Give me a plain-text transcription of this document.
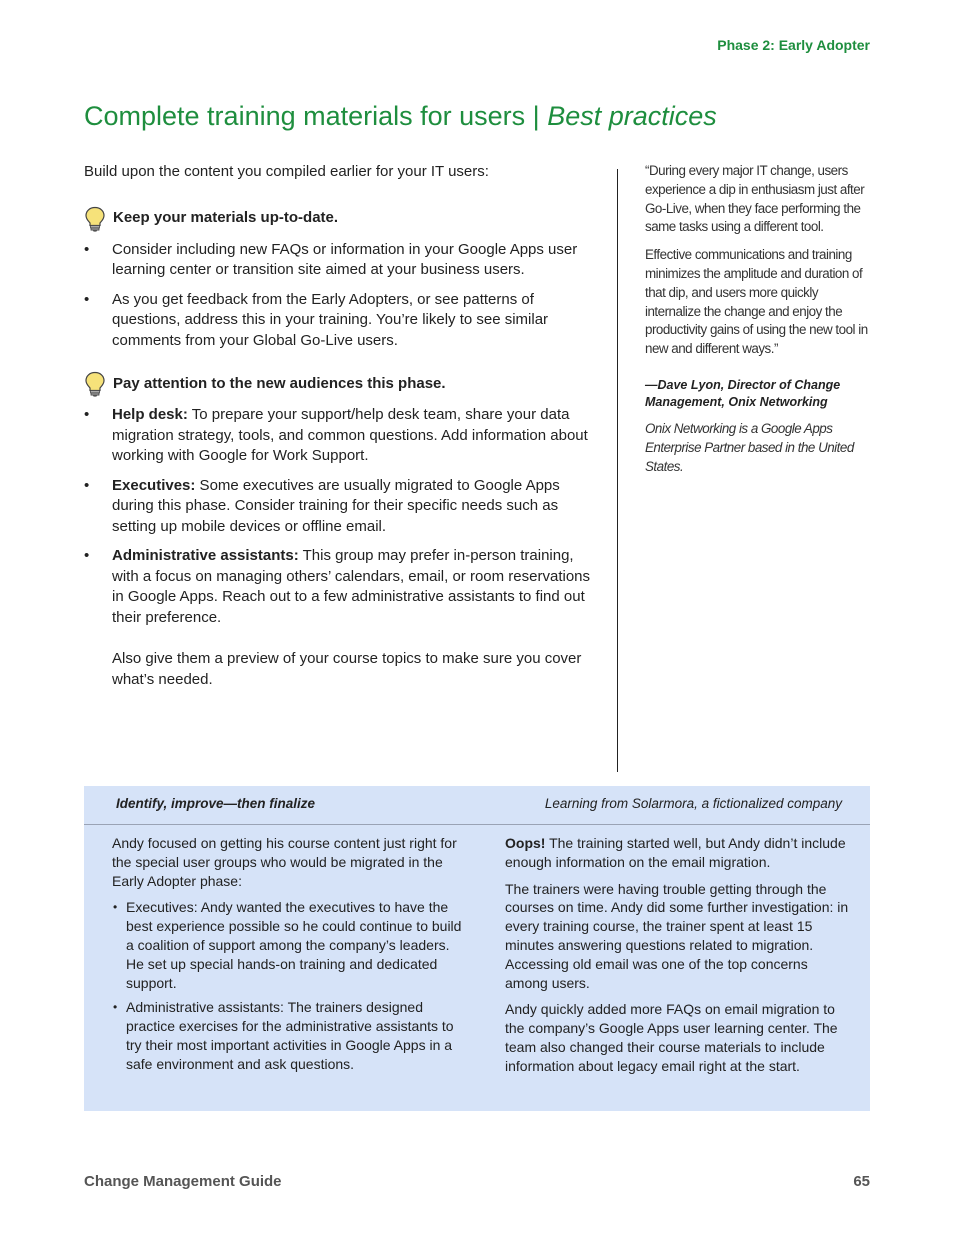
Phase 2: Early Adopter
Complete training materials for users | Best practices

Build upon the content you compiled earlier for your IT users:

Keep your materials up-to-date.
• Consider including new FAQs or information in your Google Apps user learning center or transition site aimed at your business users.
• As you get feedback from the Early Adopters, or see patterns of questions, address this in your training. You’re likely to see similar comments from your Global Go-Live users.
Pay attention to the new audiences this phase.
• Help desk: To prepare your support/help desk team, share your data migration strategy, tools, and common questions. Add information about working with Google for Work Support.
• Executives: Some executives are usually migrated to Google Apps during this phase. Consider training for their specific needs such as setting up mobile devices or offline email.
• Administrative assistants: This group may prefer in-person training, with a focus on managing others’ calendars, email, or room reservations in Google Apps. Reach out to a few administrative assistants to find out their preference.

Also give them a preview of your course topics to make sure you cover what’s needed.

“During every major IT change, users experience a dip in enthusiasm just after Go-Live, when they face performing the same tasks using a different tool.

Effective communications and training minimizes the amplitude and duration of that dip, and users more quickly internalize the change and enjoy the productivity gains of using the new tool in new and different ways.”

—Dave Lyon, Director of Change Management, Onix Networking

Onix Networking is a Google Apps Enterprise Partner based in the United States.

Identify, improve—then finalize	Learning from Solarmora, a fictionalized company

Andy focused on getting his course content just right for the special user groups who would be migrated in the Early Adopter phase:

• Executives: Andy wanted the executives to have the best experience possible so he could continue to build a coalition of support among the company’s leaders. He set up special hands-on training and dedicated support.
• Administrative assistants: The trainers designed practice exercises for the administrative assistants to try their most important activities in Google Apps in a safe environment and ask questions.

Oops! The training started well, but Andy didn’t include enough information on the email migration.

The trainers were having trouble getting through the courses on time. Andy did some further investigation: in every training course, the trainer spent at least 15 minutes answering questions related to migration. Accessing old email was one of the top concerns among users.

Andy quickly added more FAQs on email migration to the company’s Google Apps user learning center. The team also changed their course materials to include information about legacy email right at the start.

Change Management Guide	65
